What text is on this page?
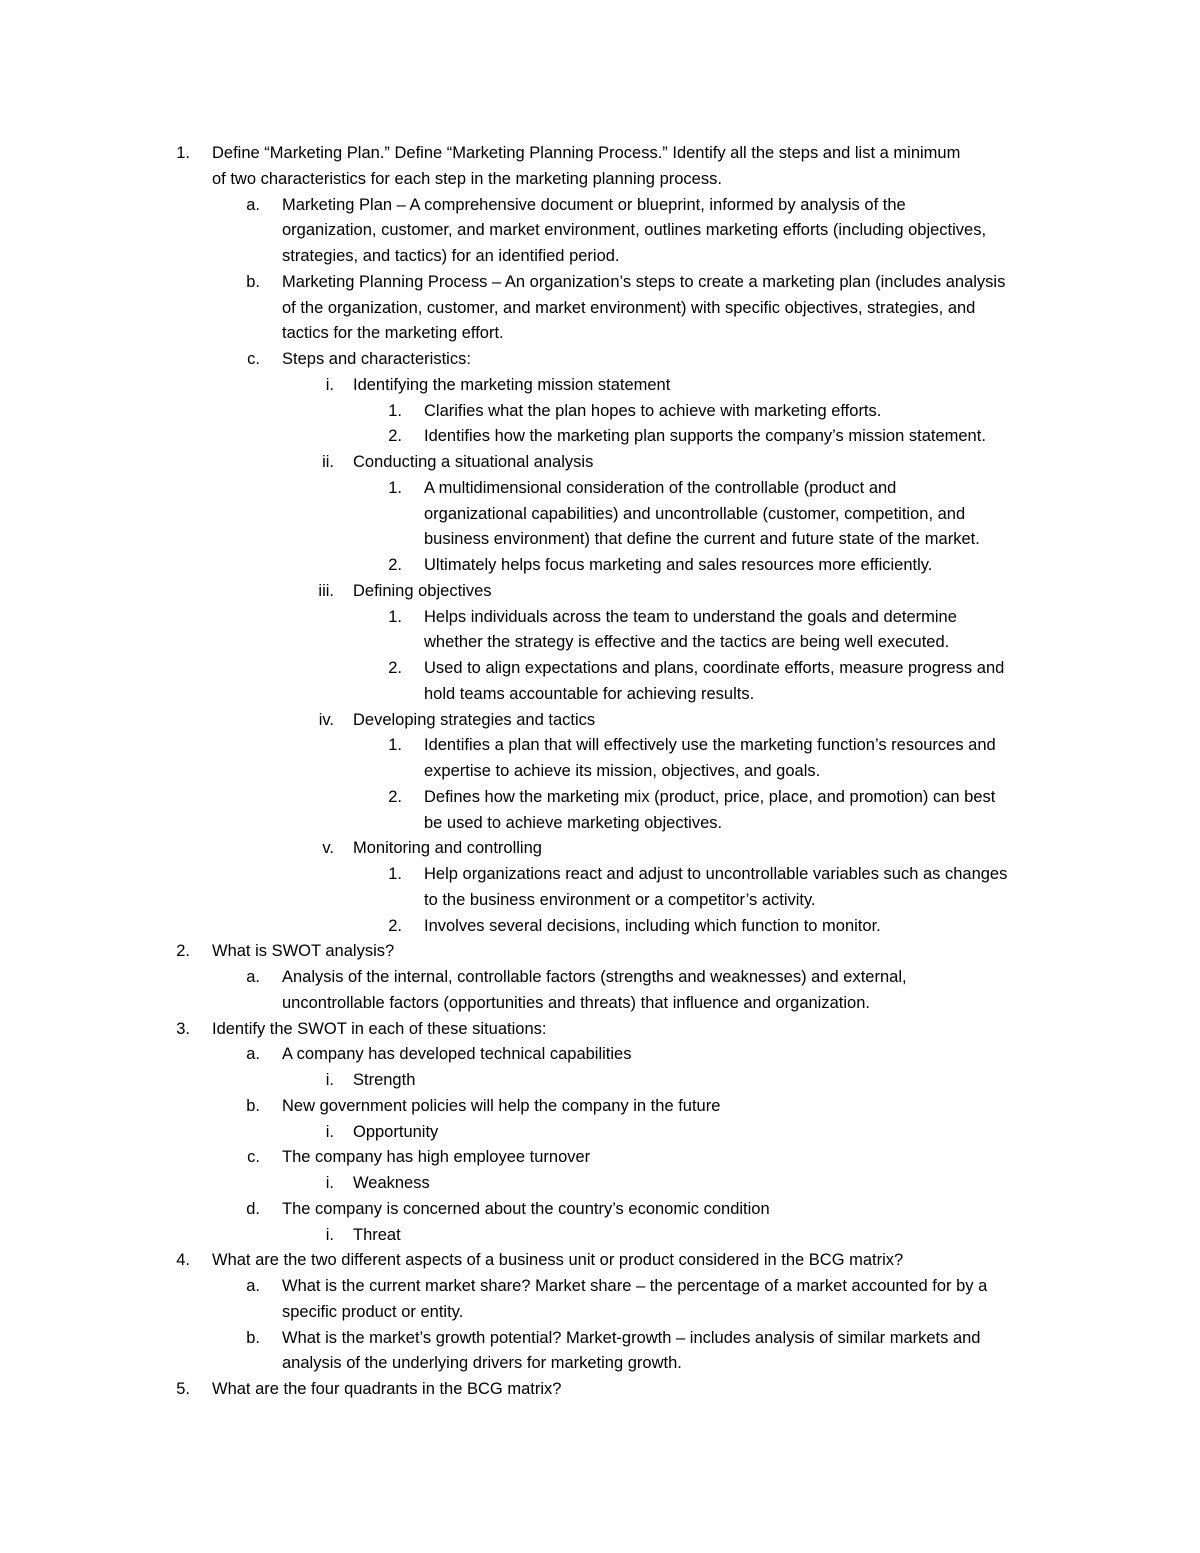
1. Define “Marketing Plan.” Define “Marketing Planning Process.” Identify all the steps and list a minimum
of two characteristics for each step in the marketing planning process.
a. Marketing Plan – A comprehensive document or blueprint, informed by analysis of the
organization, customer, and market environment, outlines marketing efforts (including objectives,
strategies, and tactics) for an identified period.
b. Marketing Planning Process – An organization’s steps to create a marketing plan (includes analysis
of the organization, customer, and market environment) with specific objectives, strategies, and
tactics for the marketing effort.
c. Steps and characteristics:
i. Identifying the marketing mission statement
1. Clarifies what the plan hopes to achieve with marketing efforts.
2. Identifies how the marketing plan supports the company’s mission statement.
ii. Conducting a situational analysis
1. A multidimensional consideration of the controllable (product and
organizational capabilities) and uncontrollable (customer, competition, and
business environment) that define the current and future state of the market.
2. Ultimately helps focus marketing and sales resources more efficiently.
iii. Defining objectives
1. Helps individuals across the team to understand the goals and determine
whether the strategy is effective and the tactics are being well executed.
2. Used to align expectations and plans, coordinate efforts, measure progress and
hold teams accountable for achieving results.
iv. Developing strategies and tactics
1. Identifies a plan that will effectively use the marketing function’s resources and
expertise to achieve its mission, objectives, and goals.
2. Defines how the marketing mix (product, price, place, and promotion) can best
be used to achieve marketing objectives.
v. Monitoring and controlling
1. Help organizations react and adjust to uncontrollable variables such as changes
to the business environment or a competitor’s activity.
2. Involves several decisions, including which function to monitor.
2. What is SWOT analysis?
a. Analysis of the internal, controllable factors (strengths and weaknesses) and external,
uncontrollable factors (opportunities and threats) that influence and organization.
3. Identify the SWOT in each of these situations:
a. A company has developed technical capabilities
i. Strength
b. New government policies will help the company in the future
i. Opportunity
c. The company has high employee turnover
i. Weakness
d. The company is concerned about the country’s economic condition
i. Threat
4. What are the two different aspects of a business unit or product considered in the BCG matrix?
a. What is the current market share? Market share – the percentage of a market accounted for by a
specific product or entity.
b. What is the market’s growth potential? Market-growth – includes analysis of similar markets and
analysis of the underlying drivers for marketing growth.
5. What are the four quadrants in the BCG matrix?
